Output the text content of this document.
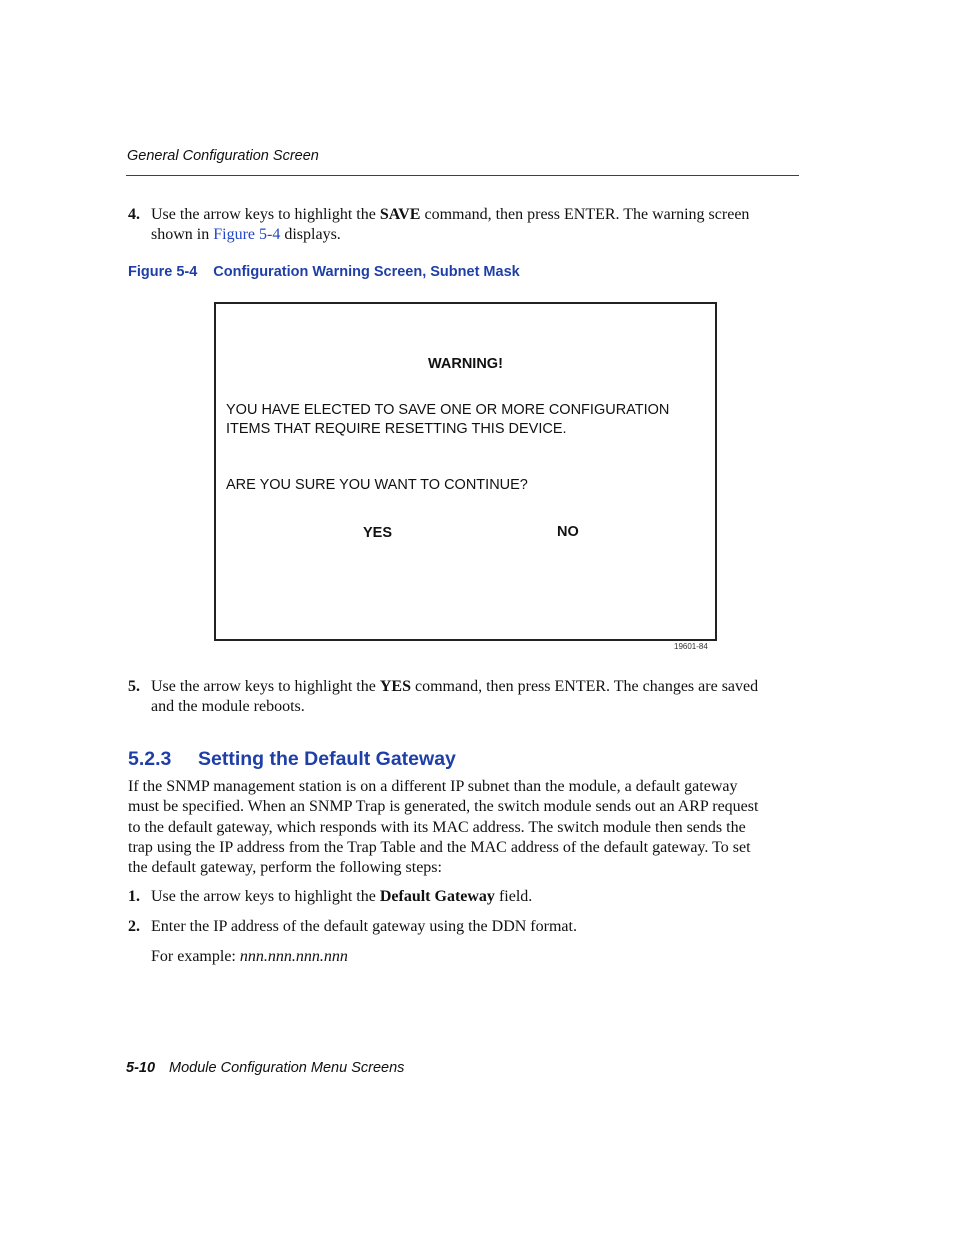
General Configuration Screen
4. Use the arrow keys to highlight the SAVE command, then press ENTER. The warning screen
shown in Figure 5-4 displays.
Figure 5-4 Configuration Warning Screen, Subnet Mask
WARNING!
YOU HAVE ELECTED TO SAVE ONE OR MORE CONFIGURATION
ITEMS THAT REQUIRE RESETTING THIS DEVICE.
ARE YOU SURE YOU WANT TO CONTINUE?
YES	NO
19601-84
5. Use the arrow keys to highlight the YES command, then press ENTER. The changes are saved
and the module reboots.
5.2.3 Setting the Default Gateway
If the SNMP management station is on a different IP subnet than the module, a default gateway
must be specified. When an SNMP Trap is generated, the switch module sends out an ARP request
to the default gateway, which responds with its MAC address. The switch module then sends the
trap using the IP address from the Trap Table and the MAC address of the default gateway. To set
the default gateway, perform the following steps:
1. Use the arrow keys to highlight the Default Gateway field.
2. Enter the IP address of the default gateway using the DDN format.
For example: nnn.nnn.nnn.nnn
5-10 Module Configuration Menu Screens
